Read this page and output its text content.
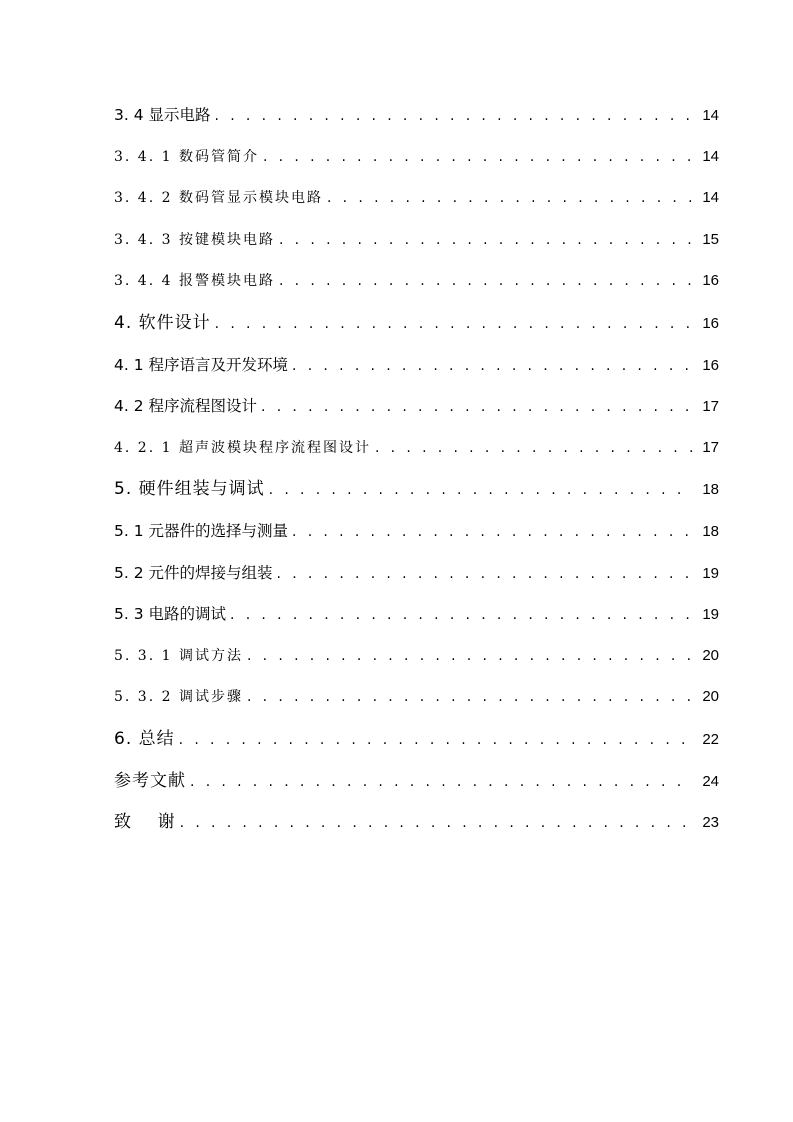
3. 4 显示电路 . . .	14
3. 4. 1 数码管简介 . . .	14
3. 4. 2 数码管显示模块电路 . . .	14
3. 4. 3 按键模块电路 . . .	15
3. 4. 4 报警模块电路 . . .	16
4. 软件设计 . . .	16
4. 1 程序语言及开发环境 . . .	16
4. 2 程序流程图设计 . . .	17
4. 2. 1 超声波模块程序流程图设计 . . .	17
5. 硬件组装与调试 . . .	18
5. 1 元器件的选择与测量 . . .	18
5. 2 元件的焊接与组装 . . .	19
5. 3 电路的调试 . . .	19
5. 3. 1 调试方法 . . .	20
5. 3. 2 调试步骤 . . .	20
6. 总结 . . .	22
参考文献 . . .	24
致    谢 . . .	23
